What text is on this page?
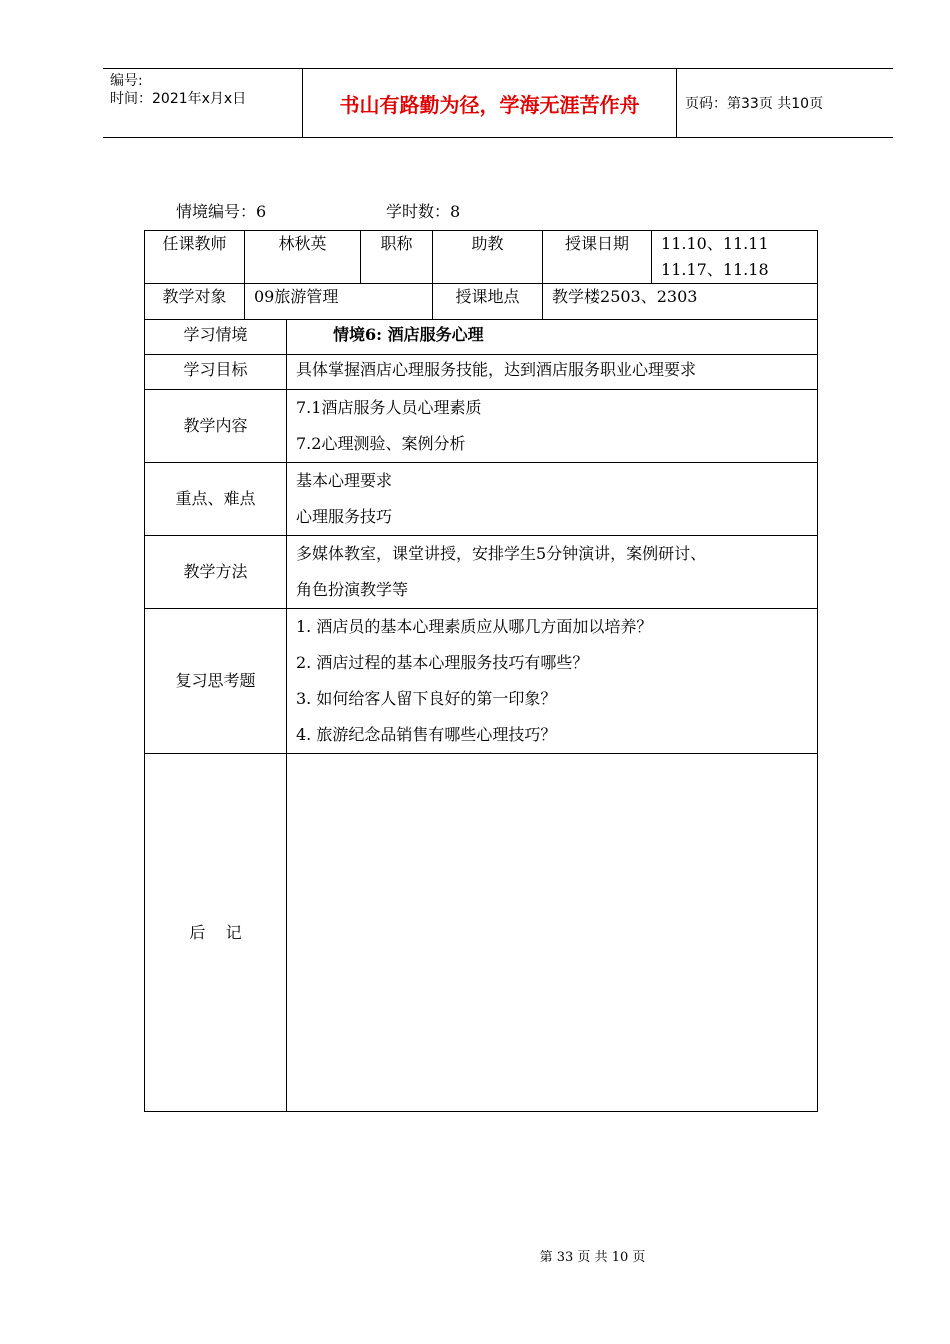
编号:
时间：2021年x月x日	书山有路勤为径，学海无涯苦作舟	页码：第33页 共10页
情境编号：6	学时数：8
任课教师	林秋英		职称	助教	授课日期	11.10、11.11
11.17、11.18

教学对象	09旅游管理			授课地点	教学楼2503、2303	
学习情境		情境6: 酒店服务心理				
学习目标		具体掌握酒店心理服务技能，达到酒店服务职业心理要求				
教学内容		7.1酒店服务人员心理素质
7.2心理测验、案例分析				

重点、难点		基本心理要求
心理服务技巧				

教学方法		多媒体教室，课堂讲授，安排学生5分钟演讲，案例研讨、
角色扮演教学等				

复习思考题		1. 酒店员的基本心理素质应从哪几方面加以培养？
2. 酒店过程的基本心理服务技巧有哪些？
3. 如何给客人留下良好的第一印象？
4. 旅游纪念品销售有哪些心理技巧？				

后    记						
第 33 页 共 10 页
